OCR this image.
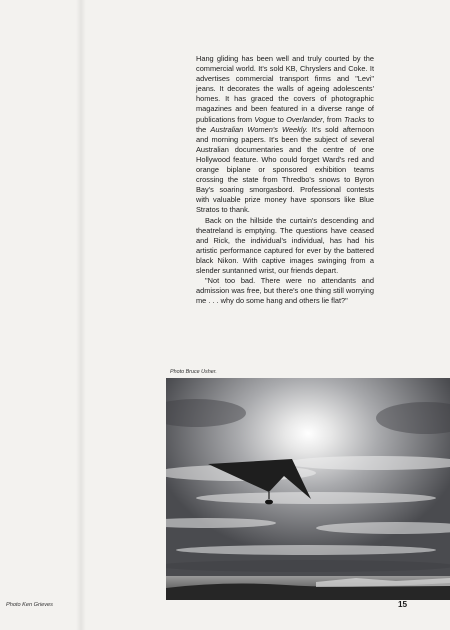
Hang gliding has been well and truly courted by the commercial world. It's sold KB, Chryslers and Coke. It advertises commercial transport firms and "Levi" jeans. It decorates the walls of ageing adolescents' homes. It has graced the covers of photographic magazines and been featured in a diverse range of publications from Vogue to Overlander, from Tracks to the Australian Women's Weekly. It's sold afternoon and morning papers. It's been the subject of several Australian documentaries and the centre of one Hollywood feature. Who could forget Ward's red and orange biplane or sponsored exhibition teams crossing the state from Thredbo's snows to Byron Bay's soaring smorgasbord. Professional contests with valuable prize money have sponsors like Blue Stratos to thank.

Back on the hillside the curtain's descending and theatreland is emptying. The questions have ceased and Rick, the individual's individual, has had his artistic performance captured for ever by the battered black Nikon. With captive images swinging from a slender suntanned wrist, our friends depart.

"Not too bad. There were no attendants and admission was free, but there's one thing still worrying me . . . why do some hang and others lie flat?"

Photo Bruce Usher.
Photo Ken Grieves	15
